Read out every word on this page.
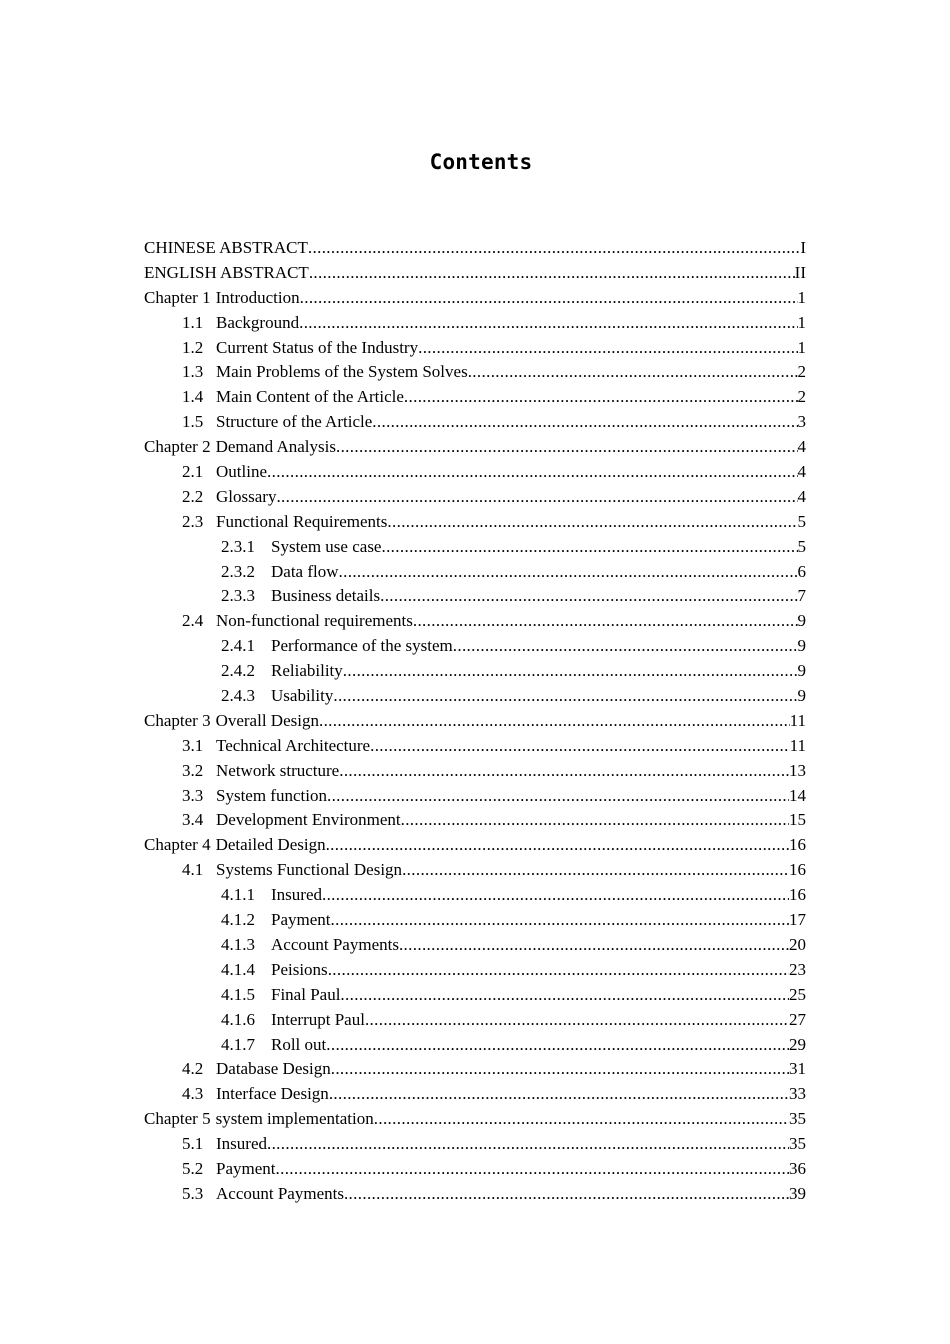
Contents
CHINESE ABSTRACT .....	I
ENGLISH ABSTRACT .....	II
Chapter 1 Introduction .....	1
1.1 Background .....	1
1.2 Current Status of the Industry .....	1
1.3 Main Problems of the System Solves .....	2
1.4 Main Content of the Article .....	2
1.5 Structure of the Article .....	3
Chapter 2 Demand Analysis .....	4
2.1 Outline .....	4
2.2 Glossary .....	4
2.3 Functional Requirements .....	5
2.3.1 System use case .....	5
2.3.2 Data flow .....	6
2.3.3 Business details .....	7
2.4 Non-functional requirements .....	9
2.4.1 Performance of the system .....	9
2.4.2 Reliability .....	9
2.4.3 Usability .....	9
Chapter 3 Overall Design .....	11
3.1 Technical Architecture .....	11
3.2 Network structure .....	13
3.3 System function .....	14
3.4 Development Environment .....	15
Chapter 4 Detailed Design .....	16
4.1 Systems Functional Design .....	16
4.1.1 Insured .....	16
4.1.2 Payment .....	17
4.1.3 Account Payments .....	20
4.1.4 Peisions .....	23
4.1.5 Final Paul .....	25
4.1.6 Interrupt Paul .....	27
4.1.7 Roll out .....	29
4.2 Database Design .....	31
4.3 Interface Design .....	33
Chapter 5 system implementation .....	35
5.1 Insured .....	35
5.2 Payment .....	36
5.3 Account Payments .....	39
